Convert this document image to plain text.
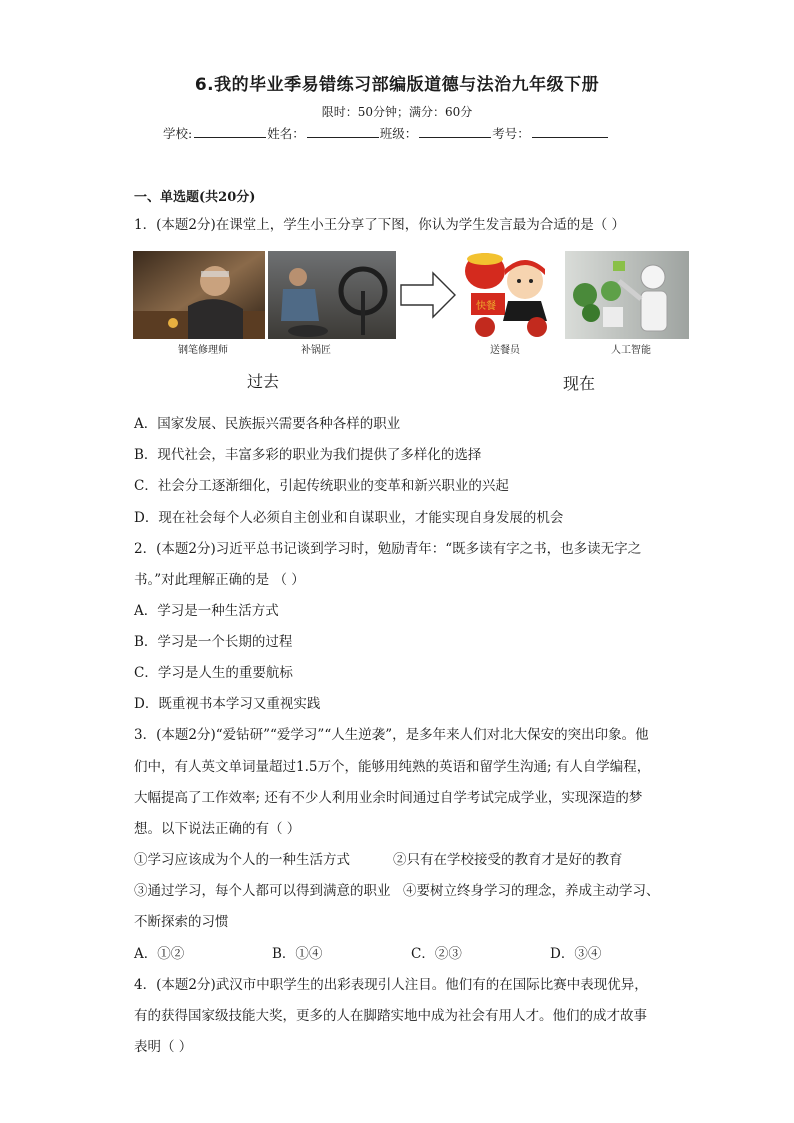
6.我的毕业季易错练习部编版道德与法治九年级下册
限时：50分钟；满分：60分
学校:	姓名：	班级：	考号：
一、单选题(共20分)
1．(本题2分)在课堂上，学生小王分享了下图，你认为学生发言最为合适的是（ ）
快餐
钢笔修理师	补锅匠	送餐员	人工智能
过去	现在
A．国家发展、民族振兴需要各种各样的职业
B．现代社会，丰富多彩的职业为我们提供了多样化的选择
C．社会分工逐渐细化，引起传统职业的变革和新兴职业的兴起
D．现在社会每个人必须自主创业和自谋职业，才能实现自身发展的机会
2．(本题2分)习近平总书记谈到学习时，勉励青年：“既多读有字之书，也多读无字之
书。”对此理解正确的是 （ ）
A．学习是一种生活方式
B．学习是一个长期的过程
C．学习是人生的重要航标
D．既重视书本学习又重视实践
3．(本题2分)“爱钻研”“爱学习”“人生逆袭”，是多年来人们对北大保安的突出印象。他
们中，有人英文单词量超过1.5万个，能够用纯熟的英语和留学生沟通; 有人自学编程，
大幅提高了工作效率; 还有不少人利用业余时间通过自学考试完成学业，实现深造的梦
想。以下说法正确的有（ ）
①学习应该成为个人的一种生活方式	②只有在学校接受的教育才是好的教育
③通过学习，每个人都可以得到满意的职业 ④要树立终身学习的理念，养成主动学习、
不断探索的习惯
A．①②	B．①④	C．②③	D．③④
4．(本题2分)武汉市中职学生的出彩表现引人注目。他们有的在国际比赛中表现优异，
有的获得国家级技能大奖，更多的人在脚踏实地中成为社会有用人才。他们的成才故事
表明（ ）
